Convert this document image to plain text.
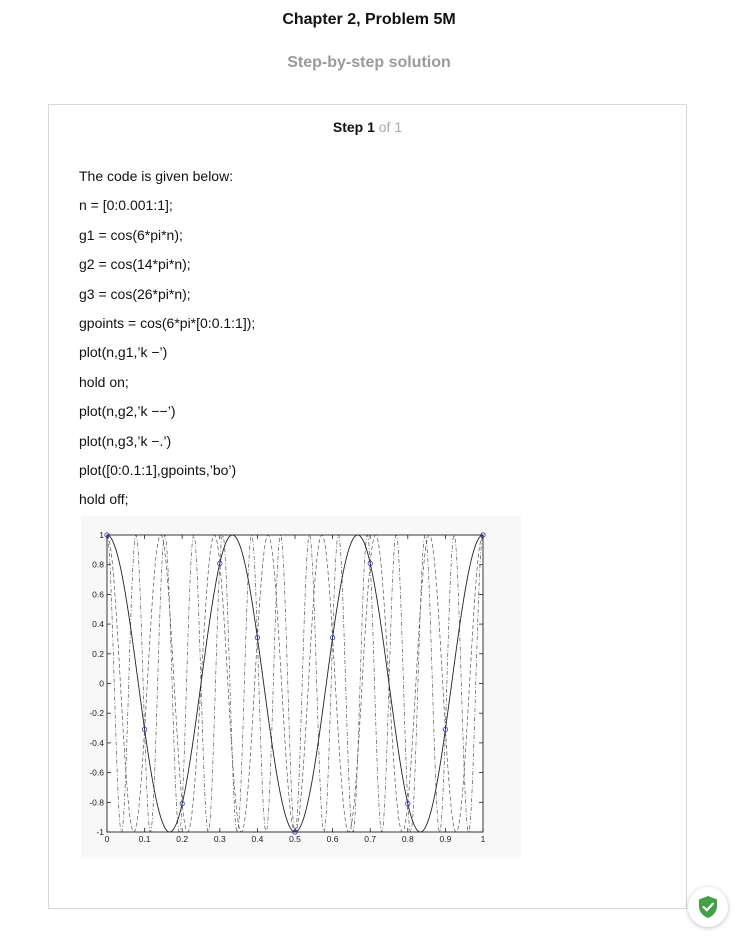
Chapter 2, Problem 5M
Step-by-step solution
Step 1 of 1
The code is given below:
n = [0:0.001:1];
g1 = cos(6*pi*n);
g2 = cos(14*pi*n);
g3 = cos(26*pi*n);
gpoints = cos(6*pi*[0:0.1:1]);
plot(n,g1,’k −’)
hold on;
plot(n,g2,’k −−’)
plot(n,g3,’k −.’)
plot([0:0.1:1],gpoints,’bo’)
hold off;
0	0.1	0.2	0.3	0.4	0.5	0.6	0.7	0.8	0.9	1
1
0.8
0.6
0.4
0.2
0
-0.2
-0.4
-0.6
-0.8
-1
